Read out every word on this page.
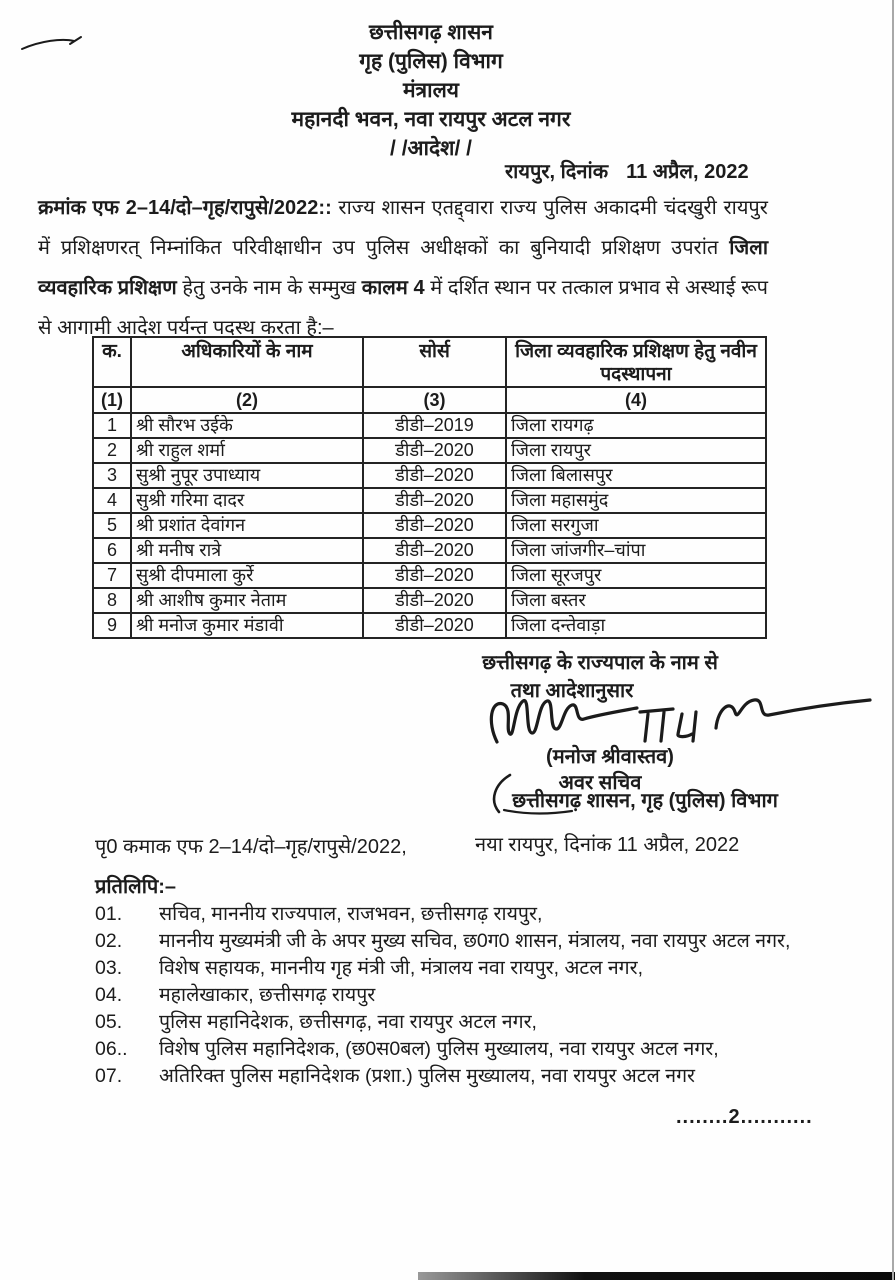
छत्तीसगढ़ शासन
गृह (पुलिस) विभाग
मंत्रालय
महानदी भवन, नवा रायपुर अटल नगर
/ /आदेश/ /
रायपुर, दिनांक 11 अप्रैल, 2022
क्रमांक एफ 2–14/दो–गृह/रापुसे/2022:: राज्य शासन एतद्द्वारा राज्य पुलिस अकादमी चंदखुरी रायपुर में प्रशिक्षणरत् निम्नांकित परिवीक्षाधीन उप पुलिस अधीक्षकों का बुनियादी प्रशिक्षण उपरांत जिला व्यवहारिक प्रशिक्षण हेतु उनके नाम के सम्मुख कालम 4 में दर्शित स्थान पर तत्काल प्रभाव से अस्थाई रूप से आगामी आदेश पर्यन्त पदस्थ करता है:–
क.	अधिकारियों के नाम	सोर्स	जिला व्यवहारिक प्रशिक्षण हेतु नवीन पदस्थापना
(1)	(2)	(3)	(4)
1	श्री सौरभ उईके	डीडी–2019	जिला रायगढ़
2	श्री राहुल शर्मा	डीडी–2020	जिला रायपुर
3	सुश्री नुपूर उपाध्याय	डीडी–2020	जिला बिलासपुर
4	सुश्री गरिमा दादर	डीडी–2020	जिला महासमुंद
5	श्री प्रशांत देवांगन	डीडी–2020	जिला सरगुजा
6	श्री मनीष रात्रे	डीडी–2020	जिला जांजगीर–चांपा
7	सुश्री दीपमाला कुर्रे	डीडी–2020	जिला सूरजपुर
8	श्री आशीष कुमार नेताम	डीडी–2020	जिला बस्तर
9	श्री मनोज कुमार मंडावी	डीडी–2020	जिला दन्तेवाड़ा
छत्तीसगढ़ के राज्यपाल के नाम से
तथा आदेशानुसार
(मनोज श्रीवास्तव)
अवर सचिव
छत्तीसगढ़ शासन, गृह (पुलिस) विभाग
पृ0 कमाक एफ 2–14/दो–गृह/रापुसे/2022,	नया रायपुर, दिनांक 11 अप्रैल, 2022
प्रतिलिपि:–
01.	सचिव, माननीय राज्यपाल, राजभवन, छत्तीसगढ़ रायपुर,
02.	माननीय मुख्यमंत्री जी के अपर मुख्य सचिव, छ0ग0 शासन, मंत्रालय, नवा रायपुर अटल नगर,
03.	विशेष सहायक, माननीय गृह मंत्री जी, मंत्रालय नवा रायपुर, अटल नगर,
04.	महालेखाकार, छत्तीसगढ़ रायपुर
05.	पुलिस महानिदेशक, छत्तीसगढ़, नवा रायपुर अटल नगर,
06..	विशेष पुलिस महानिदेशक, (छ0स0बल) पुलिस मुख्यालय, नवा रायपुर अटल नगर,
07.	अतिरिक्त पुलिस महानिदेशक (प्रशा.) पुलिस मुख्यालय, नवा रायपुर अटल नगर
........2...........
